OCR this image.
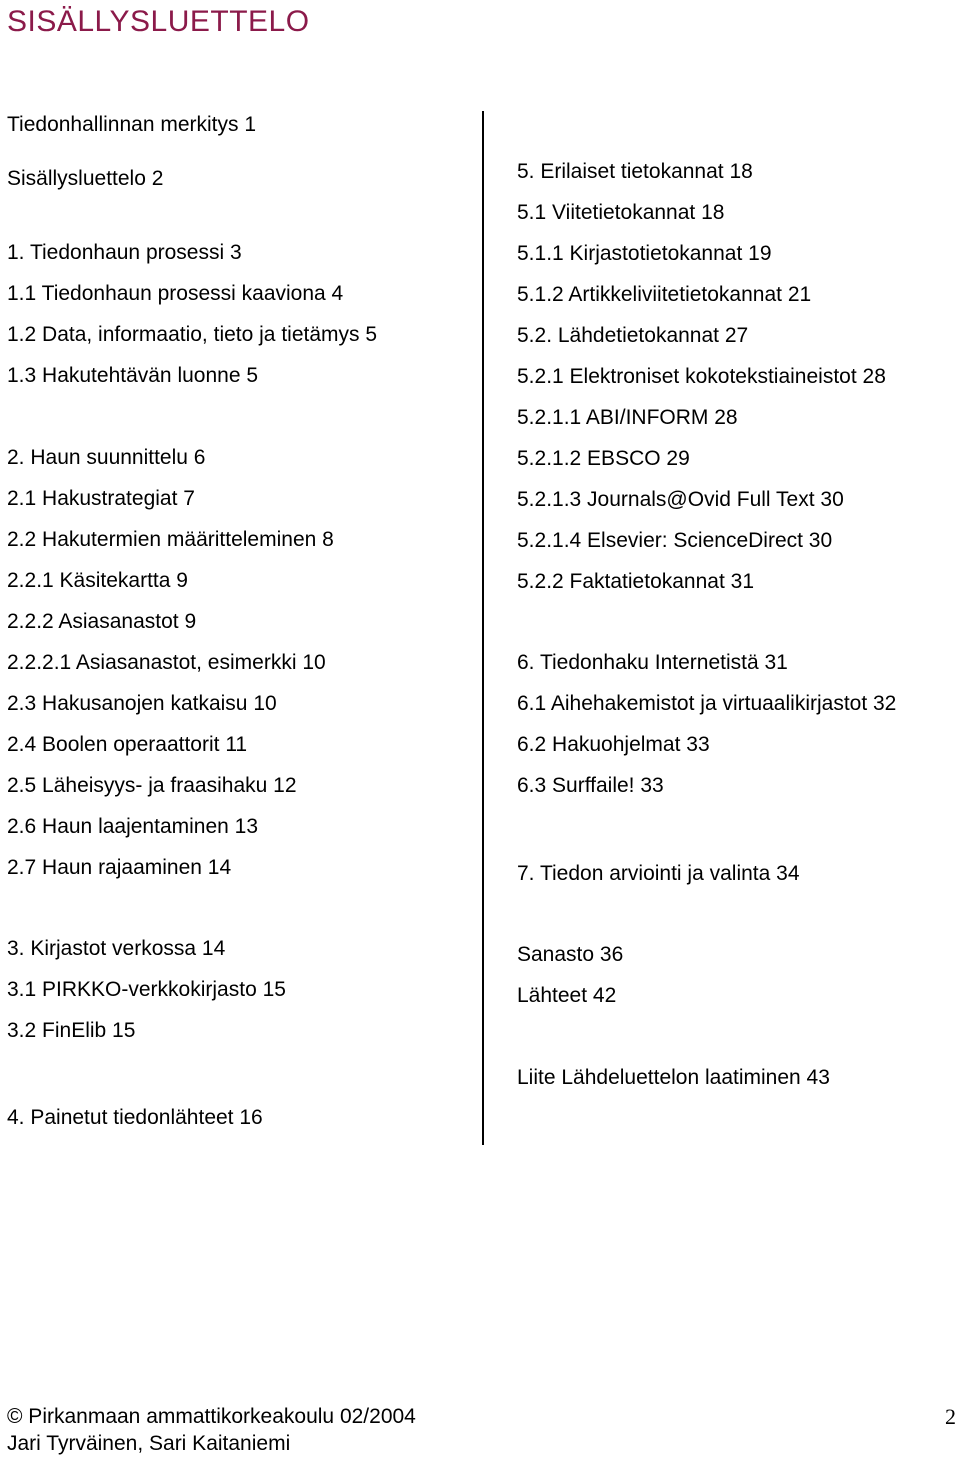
SISÄLLYSLUETTELO
Tiedonhallinnan merkitys 1
Sisällysluettelo 2
1. Tiedonhaun prosessi 3
1.1 Tiedonhaun prosessi kaaviona 4
1.2 Data, informaatio, tieto ja tietämys 5
1.3 Hakutehtävän luonne 5
2. Haun suunnittelu 6
2.1 Hakustrategiat 7
2.2 Hakutermien määritteleminen 8
2.2.1 Käsitekartta 9
2.2.2 Asiasanastot 9
2.2.2.1 Asiasanastot, esimerkki 10
2.3 Hakusanojen katkaisu 10
2.4 Boolen operaattorit 11
2.5 Läheisyys- ja fraasihaku 12
2.6 Haun laajentaminen 13
2.7 Haun rajaaminen 14
3. Kirjastot verkossa 14
3.1 PIRKKO-verkkokirjasto 15
3.2 FinElib 15
4. Painetut tiedonlähteet 16
5. Erilaiset tietokannat 18
5.1 Viitetietokannat 18
5.1.1 Kirjastotietokannat 19
5.1.2 Artikkeliviitetietokannat 21
5.2. Lähdetietokannat 27
5.2.1 Elektroniset kokotekstiaineistot 28
5.2.1.1 ABI/INFORM 28
5.2.1.2 EBSCO 29
5.2.1.3 Journals@Ovid Full Text 30
5.2.1.4 Elsevier: ScienceDirect 30
5.2.2 Faktatietokannat 31
6. Tiedonhaku Internetistä 31
6.1 Aihehakemistot ja virtuaalikirjastot 32
6.2 Hakuohjelmat 33
6.3 Surffaile! 33
7. Tiedon arviointi ja valinta 34
Sanasto 36
Lähteet 42
Liite Lähdeluettelon laatiminen 43
© Pirkanmaan ammattikorkeakoulu 02/2004
Jari Tyrväinen, Sari Kaitaniemi
2
